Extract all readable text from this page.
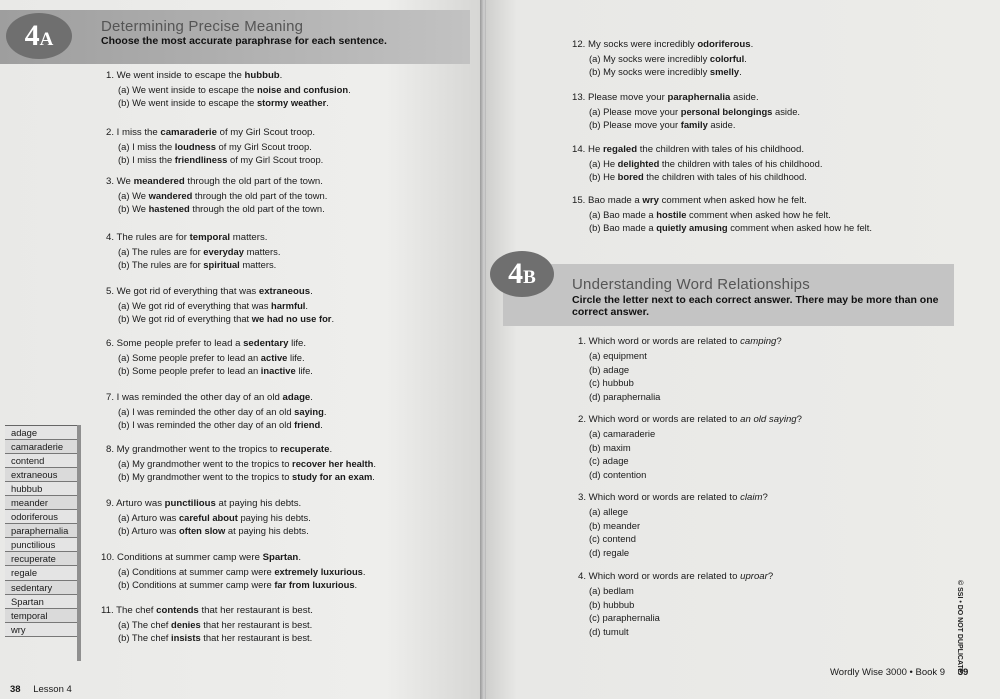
4A
Determining Precise Meaning
Choose the most accurate paraphrase for each sentence.
1. We went inside to escape the hubbub.
(a) We went inside to escape the noise and confusion.
(b) We went inside to escape the stormy weather.
2. I miss the camaraderie of my Girl Scout troop.
(a) I miss the loudness of my Girl Scout troop.
(b) I miss the friendliness of my Girl Scout troop.
3. We meandered through the old part of the town.
(a) We wandered through the old part of the town.
(b) We hastened through the old part of the town.
4. The rules are for temporal matters.
(a) The rules are for everyday matters.
(b) The rules are for spiritual matters.
5. We got rid of everything that was extraneous.
(a) We got rid of everything that was harmful.
(b) We got rid of everything that we had no use for.
6. Some people prefer to lead a sedentary life.
(a) Some people prefer to lead an active life.
(b) Some people prefer to lead an inactive life.
7. I was reminded the other day of an old adage.
(a) I was reminded the other day of an old saying.
(b) I was reminded the other day of an old friend.
8. My grandmother went to the tropics to recuperate.
(a) My grandmother went to the tropics to recover her health.
(b) My grandmother went to the tropics to study for an exam.
9. Arturo was punctilious at paying his debts.
(a) Arturo was careful about paying his debts.
(b) Arturo was often slow at paying his debts.
10. Conditions at summer camp were Spartan.
(a) Conditions at summer camp were extremely luxurious.
(b) Conditions at summer camp were far from luxurious.
11. The chef contends that her restaurant is best.
(a) The chef denies that her restaurant is best.
(b) The chef insists that her restaurant is best.
adage
camaraderie
contend
extraneous
hubbub
meander
odoriferous
paraphernalia
punctilious
recuperate
regale
sedentary
Spartan
temporal
wry
38 Lesson 4
12. My socks were incredibly odoriferous.
(a) My socks were incredibly colorful.
(b) My socks were incredibly smelly.
13. Please move your paraphernalia aside.
(a) Please move your personal belongings aside.
(b) Please move your family aside.
14. He regaled the children with tales of his childhood.
(a) He delighted the children with tales of his childhood.
(b) He bored the children with tales of his childhood.
15. Bao made a wry comment when asked how he felt.
(a) Bao made a hostile comment when asked how he felt.
(b) Bao made a quietly amusing comment when asked how he felt.
Understanding Word Relationships
Circle the letter next to each correct answer. There may be more than one
correct answer.
1. Which word or words are related to camping?
(a) equipment
(b) adage
(c) hubbub
(d) paraphernalia
2. Which word or words are related to an old saying?
(a) camaraderie
(b) maxim
(c) adage
(d) contention
3. Which word or words are related to claim?
(a) allege
(b) meander
(c) contend
(d) regale
4. Which word or words are related to uproar?
(a) bedlam
(b) hubbub
(c) paraphernalia
(d) tumult
Wordly Wise 3000 • Book 9 39
4B
© SSI • DO NOT DUPLICATE
